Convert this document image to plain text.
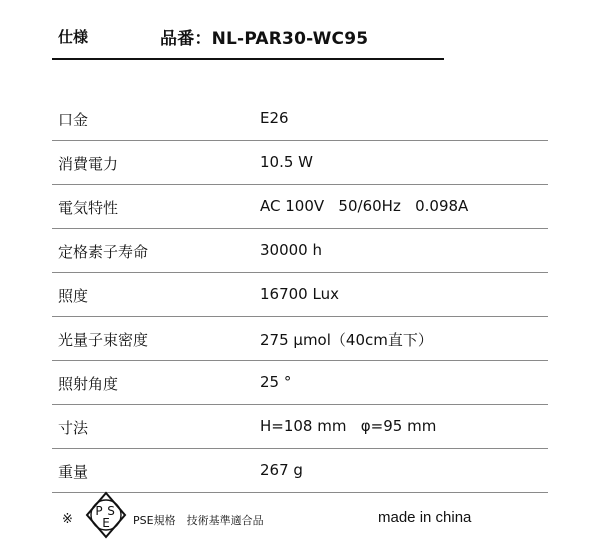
仕様	品番：NL-PAR30-WC95
口金	E26
消費電力	10.5 W
電気特性	AC 100V   50/60Hz   0.098A
定格素子寿命	30000 h
照度	16700 Lux
光量子束密度	275 μmol（40cm直下）
照射角度	25 °
寸法	H=108 mm   φ=95 mm
重量	267 g
※
P S
E PSE規格　技術基準適合品	made in china
